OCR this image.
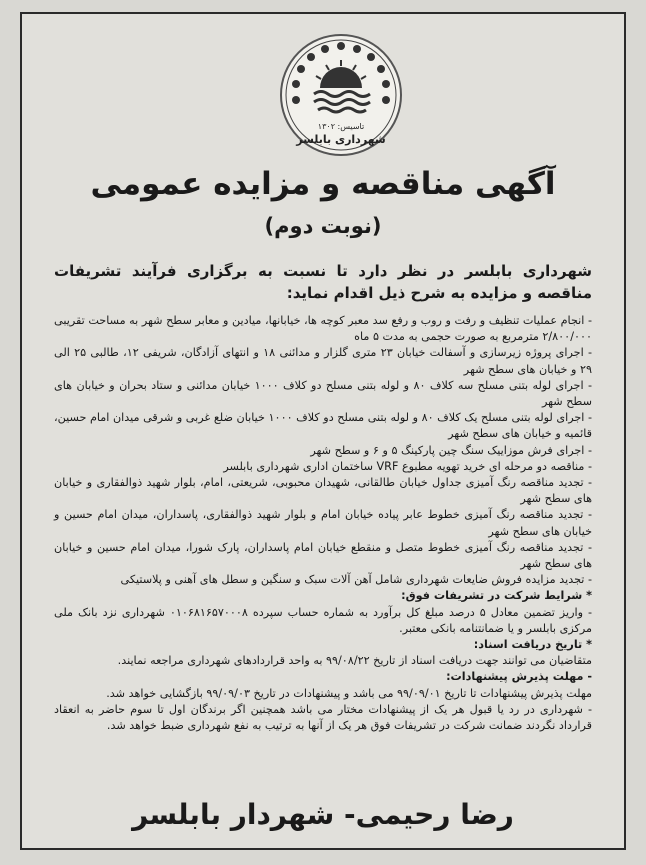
تاسیس: ۱۳۰۲
شهرداری بابلسر
آگهی مناقصه و مزایده عمومی
(نوبت دوم)
شهرداری بابلسر در نظر دارد تا نسبت به برگزاری فرآیند تشریفات مناقصه و مزایده به شرح ذیل اقدام نماید:

- انجام عملیات تنظیف و رفت و روب و رفع سد معبر کوچه ها، خیابانها، میادین و معابر سطح شهر به مساحت تقریبی ۲/۸۰۰/۰۰۰ مترمربع به صورت حجمی به مدت ۵ ماه

- اجرای پروژه زیرسازی و آسفالت خیابان ۲۳ متری گلزار و مدائنی ۱۸ و انتهای آزادگان، شریفی ۱۲، طالبی ۲۵ الی ۲۹ و خیابان های سطح شهر

- اجرای لوله بتنی مسلح سه کلاف ۸۰ و لوله بتنی مسلح دو کلاف ۱۰۰۰ خیابان مدائنی و ستاد بحران و خیابان های سطح شهر

- اجرای لوله بتنی مسلح یک کلاف ۸۰ و لوله بتنی مسلح دو کلاف ۱۰۰۰ خیابان ضلع غربی و شرقی میدان امام حسین، قائمیه و خیابان های سطح شهر

- اجرای فرش موزاییک سنگ چین پارکینگ ۵ و ۶ و سطح شهر

- مناقصه دو مرحله ای خرید تهویه مطبوع VRF ساختمان اداری شهرداری بابلسر

- تجدید مناقصه رنگ آمیزی جداول خیابان طالقانی، شهیدان محبوبی، شریعتی، امام، بلوار شهید ذوالفقاری و خیابان های سطح شهر

- تجدید مناقصه رنگ آمیزی خطوط عابر پیاده خیابان امام و بلوار شهید ذوالفقاری، پاسداران، میدان امام حسین و خیابان های سطح شهر

- تجدید مناقصه رنگ آمیزی خطوط متصل و منقطع خیابان امام پاسداران، پارک شورا، میدان امام حسین و خیابان های سطح شهر

- تجدید مزایده فروش ضایعات شهرداری شامل آهن آلات سبک و سنگین و سطل های آهنی و پلاستیکی

* شرایط شرکت در تشریفات فوق:

- واریز تضمین معادل ۵ درصد مبلغ کل برآورد به شماره حساب سپرده ۰۱۰۶۸۱۶۵۷۰۰۰۸ شهرداری نزد بانک ملی مرکزی بابلسر و یا ضمانتنامه بانکی معتبر.

* تاریخ دریافت اسناد:

متقاضیان می توانند جهت دریافت اسناد از تاریخ ۹۹/۰۸/۲۲ به واحد قراردادهای شهرداری مراجعه نمایند.

- مهلت پذیرش پیشنهادات:

مهلت پذیرش پیشنهادات تا تاریخ ۹۹/۰۹/۰۱ می باشد و پیشنهادات در تاریخ ۹۹/۰۹/۰۳ بازگشایی خواهد شد.

- شهرداری در رد یا قبول هر یک از پیشنهادات مختار می باشد همچنین اگر برندگان اول تا سوم حاضر به انعقاد قرارداد نگردند ضمانت شرکت در تشریفات فوق هر یک از آنها به ترتیب به نفع شهرداری ضبط خواهد شد.

رضا رحیمی- شهردار بابلسر
